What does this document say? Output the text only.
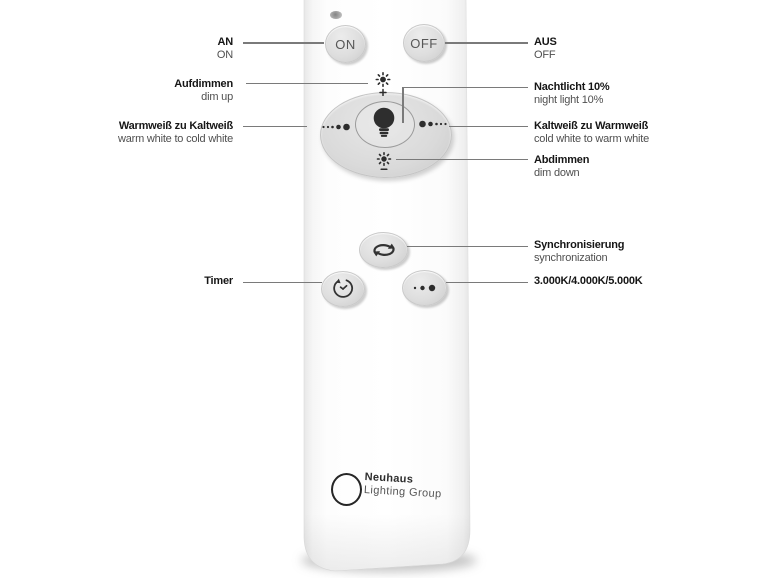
ON	OFF
Neuhaus
Lighting Group
AN
ON
Aufdimmen
dim up
Warmweiß zu Kaltweiß
warm white to cold white
Timer
AUS
OFF
Nachtlicht 10%
night light 10%
Kaltweiß zu Warmweiß
cold white to warm white
Abdimmen
dim down
Synchronisierung
synchronization
3.000K/4.000K/5.000K
